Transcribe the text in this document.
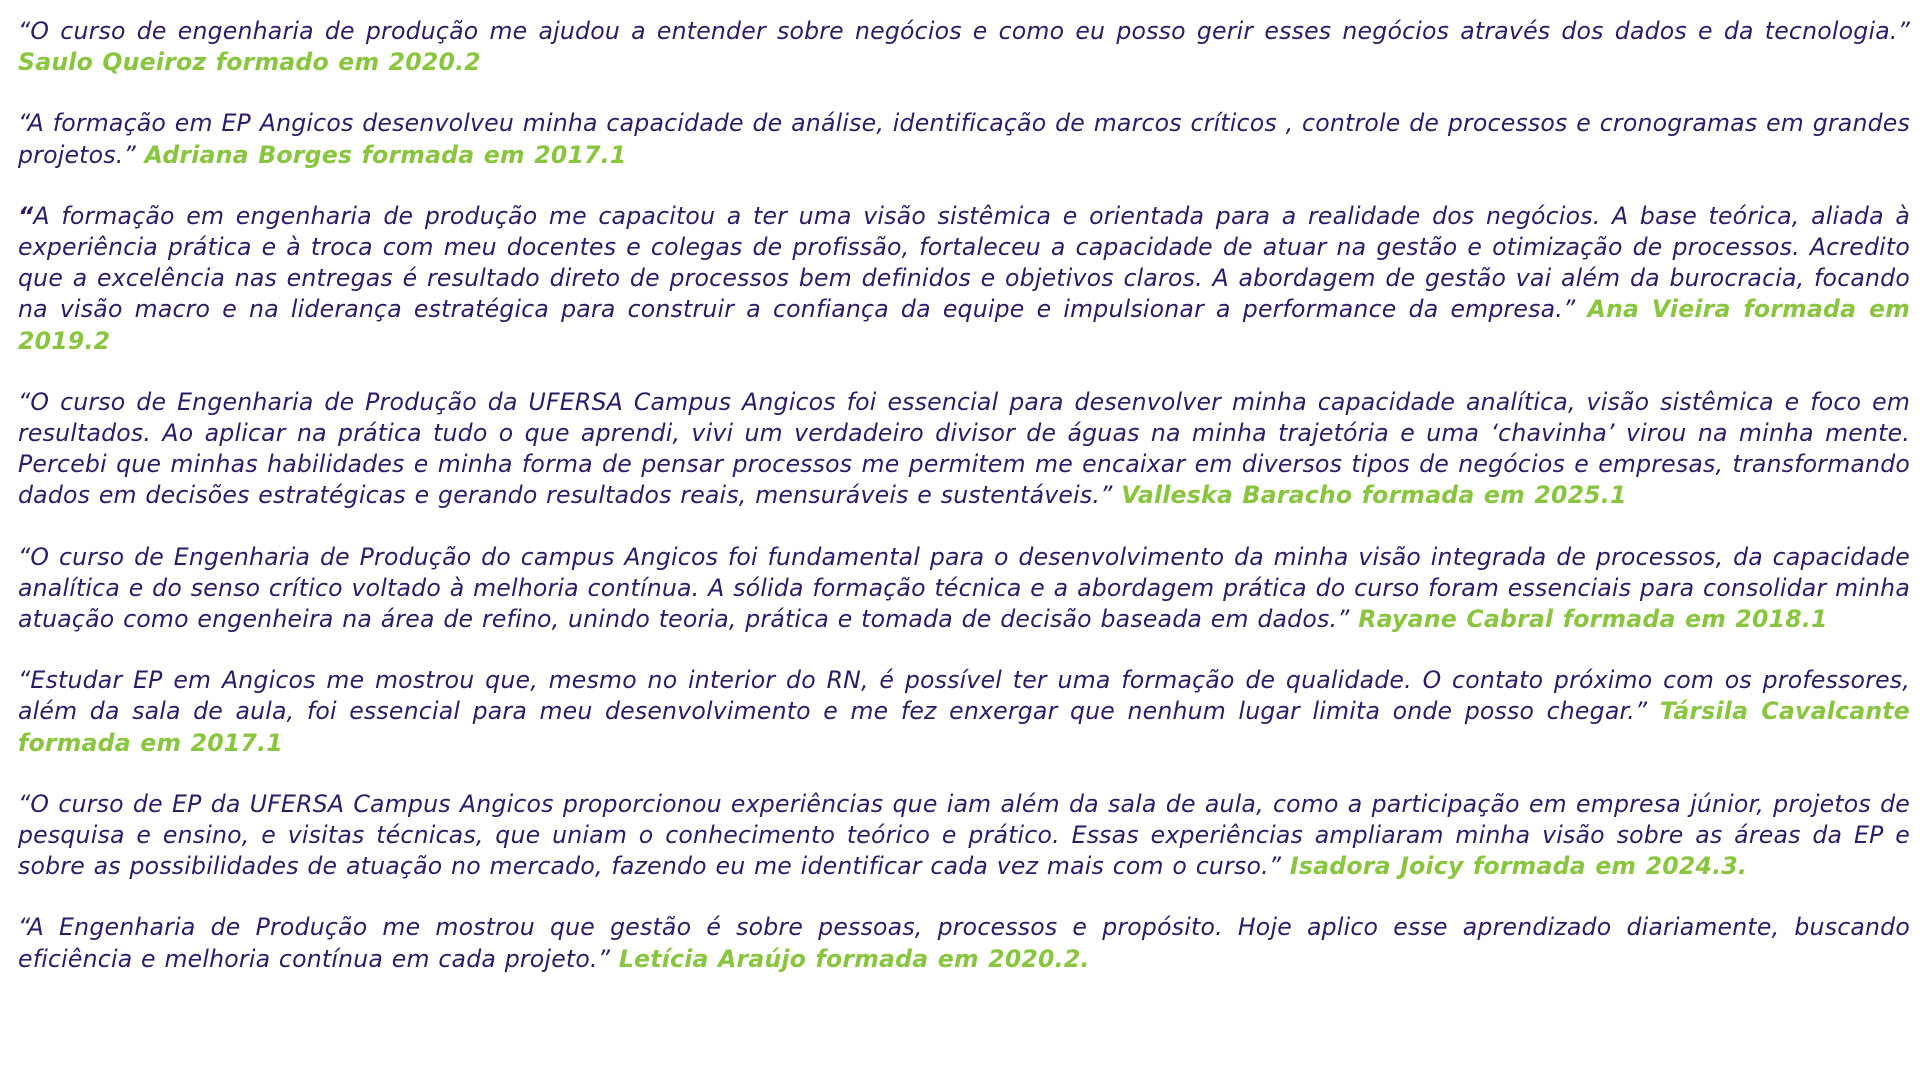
“O curso de engenharia de produção me ajudou a entender sobre negócios e como eu posso gerir esses negócios através dos dados e da tecnologia.” Saulo Queiroz formado em 2020.2

“A formação em EP Angicos desenvolveu minha capacidade de análise, identificação de marcos críticos , controle de processos e cronogramas em grandes projetos.” Adriana Borges formada em 2017.1

“A formação em engenharia de produção me capacitou a ter uma visão sistêmica e orientada para a realidade dos negócios. A base teórica, aliada à experiência prática e à troca com meu docentes e colegas de profissão, fortaleceu a capacidade de atuar na gestão e otimização de processos. Acredito que a excelência nas entregas é resultado direto de processos bem definidos e objetivos claros. A abordagem de gestão vai além da burocracia, focando na visão macro e na liderança estratégica para construir a confiança da equipe e impulsionar a performance da empresa.” Ana Vieira formada em 2019.2

“O curso de Engenharia de Produção da UFERSA Campus Angicos foi essencial para desenvolver minha capacidade analítica, visão sistêmica e foco em resultados. Ao aplicar na prática tudo o que aprendi, vivi um verdadeiro divisor de águas na minha trajetória e uma ‘chavinha’ virou na minha mente. Percebi que minhas habilidades e minha forma de pensar processos me permitem me encaixar em diversos tipos de negócios e empresas, transformando dados em decisões estratégicas e gerando resultados reais, mensuráveis e sustentáveis.” Valleska Baracho formada em 2025.1

“O curso de Engenharia de Produção do campus Angicos foi fundamental para o desenvolvimento da minha visão integrada de processos, da capacidade analítica e do senso crítico voltado à melhoria contínua. A sólida formação técnica e a abordagem prática do curso foram essenciais para consolidar minha atuação como engenheira na área de refino, unindo teoria, prática e tomada de decisão baseada em dados.” Rayane Cabral formada em 2018.1

“Estudar EP em Angicos me mostrou que, mesmo no interior do RN, é possível ter uma formação de qualidade. O contato próximo com os professores, além da sala de aula, foi essencial para meu desenvolvimento e me fez enxergar que nenhum lugar limita onde posso chegar.” Társila Cavalcante formada em 2017.1

“O curso de EP da UFERSA Campus Angicos proporcionou experiências que iam além da sala de aula, como a participação em empresa júnior, projetos de pesquisa e ensino, e visitas técnicas, que uniam o conhecimento teórico e prático. Essas experiências ampliaram minha visão sobre as áreas da EP e sobre as possibilidades de atuação no mercado, fazendo eu me identificar cada vez mais com o curso.” Isadora Joicy formada em 2024.3.

“A Engenharia de Produção me mostrou que gestão é sobre pessoas, processos e propósito. Hoje aplico esse aprendizado diariamente, buscando eficiência e melhoria contínua em cada projeto.” Letícia Araújo formada em 2020.2.
